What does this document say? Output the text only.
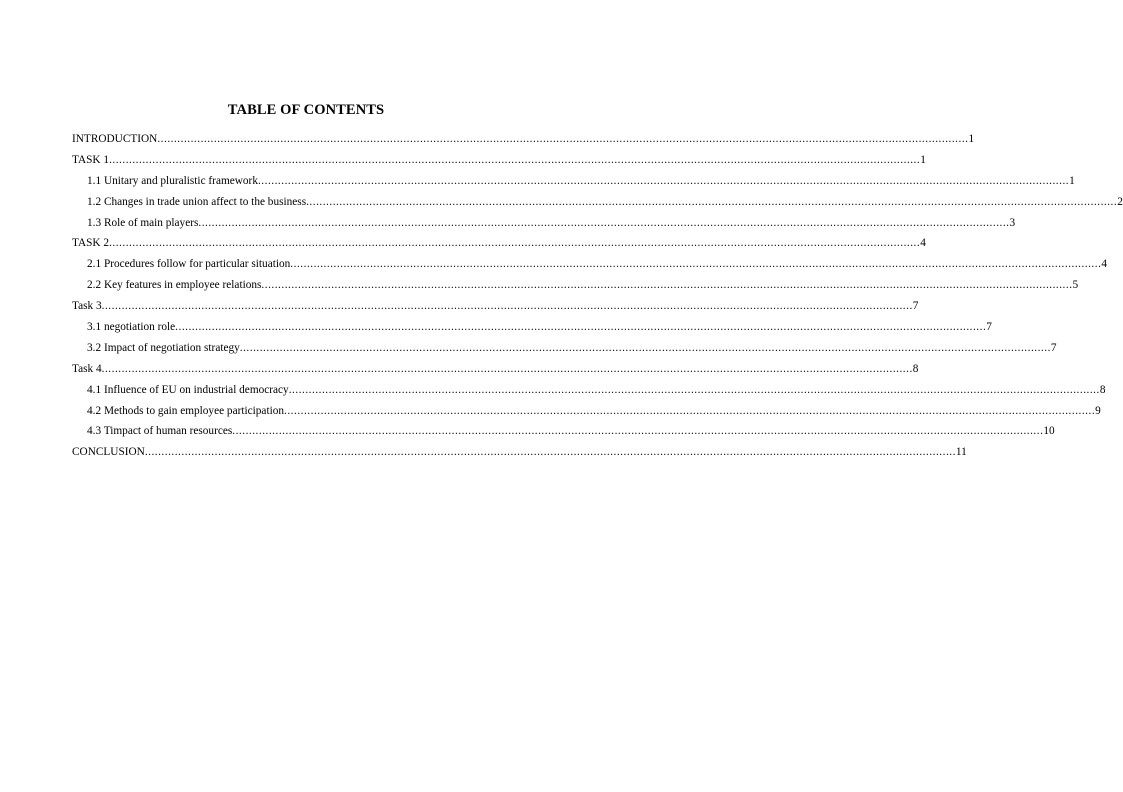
TABLE OF CONTENTS
INTRODUCTION .....	1
TASK 1 .....	1
1.1 Unitary and pluralistic framework .....	1
1.2 Changes in trade union affect to the business .....	2
1.3 Role of main players .....	3
TASK 2 .....	4
2.1 Procedures follow for particular situation .....	4
2.2 Key features in employee relations .....	5
Task 3 .....	7
3.1 negotiation role .....	7
3.2 Impact of negotiation strategy .....	7
Task 4 .....	8
4.1 Influence of EU on industrial democracy .....	8
4.2 Methods to gain employee participation .....	9
4.3 Timpact of human resources .....	10
CONCLUSION .....	11
